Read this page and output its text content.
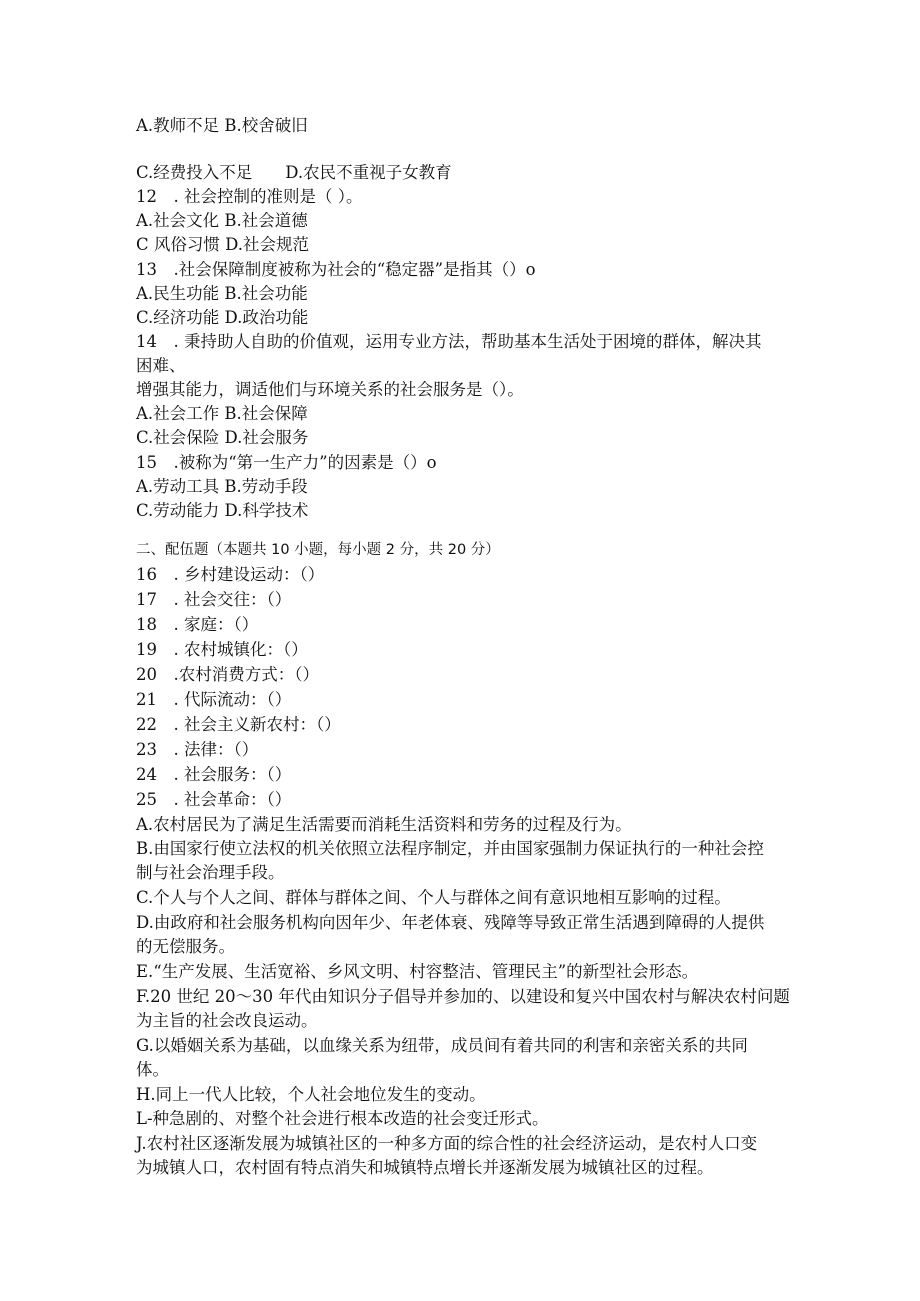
A.教师不足 B.校舍破旧
C.经费投入不足　　D.农民不重视子女教育
12　. 社会控制的准则是（ ）。
A.社会文化 B.社会道德
C 风俗习惯 D.社会规范
13　.社会保障制度被称为社会的“稳定器”是指其（）o
A.民生功能 B.社会功能
C.经济功能 D.政治功能
14　. 秉持助人自助的价值观，运用专业方法，帮助基本生活处于困境的群体，解决其
困难、
增强其能力，调适他们与环境关系的社会服务是（）。
A.社会工作 B.社会保障
C.社会保险 D.社会服务
15　.被称为“第一生产力”的因素是（）o
A.劳动工具 B.劳动手段
C.劳动能力 D.科学技术
二、配伍题（本题共 10 小题，每小题 2 分，共 20 分）
16　. 乡村建设运动：（）
17　. 社会交往：（）
18　. 家庭：（）
19　. 农村城镇化：（）
20　.农村消费方式：（）
21　. 代际流动：（）
22　. 社会主义新农村：（）
23　. 法律：（）
24　. 社会服务：（）
25　. 社会革命：（）
A.农村居民为了满足生活需要而消耗生活资料和劳务的过程及行为。
B.由国家行使立法权的机关依照立法程序制定，并由国家强制力保证执行的一种社会控
制与社会治理手段。
C.个人与个人之间、群体与群体之间、个人与群体之间有意识地相互影响的过程。
D.由政府和社会服务机构向因年少、年老体衰、残障等导致正常生活遇到障碍的人提供
的无偿服务。
E.“生产发展、生活宽裕、乡风文明、村容整洁、管理民主”的新型社会形态。
F.20 世纪 20～30 年代由知识分子倡导并参加的、以建设和复兴中国农村与解决农村问题
为主旨的社会改良运动。
G.以婚姻关系为基础，以血缘关系为纽带，成员间有着共同的利害和亲密关系的共同
体。
H.同上一代人比较，个人社会地位发生的变动。
L-种急剧的、对整个社会进行根本改造的社会变迁形式。
J.农村社区逐渐发展为城镇社区的一种多方面的综合性的社会经济运动，是农村人口变
为城镇人口，农村固有特点消失和城镇特点增长并逐渐发展为城镇社区的过程。
